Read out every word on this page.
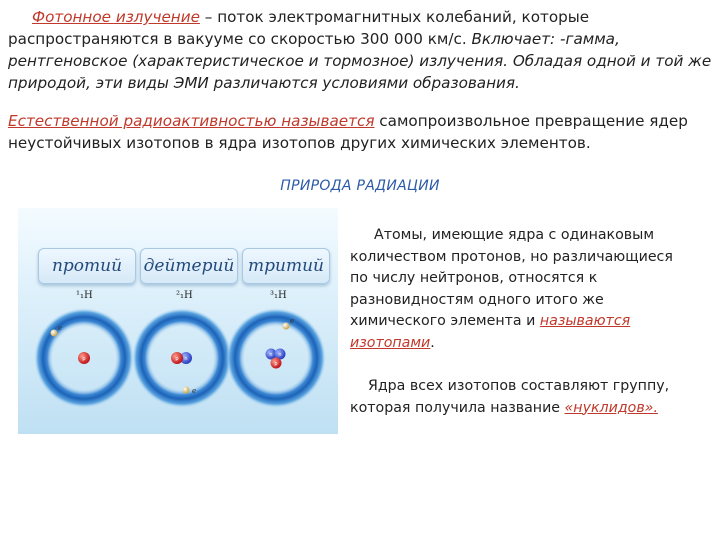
Фотонное излучение – поток электромагнитных колебаний, которые распространяются в вакууме со скоростью 300 000 км/с. Включает: -гамма, рентгеновское (характеристическое и тормозное) излучения. Обладая одной и той же природой, эти виды ЭМИ различаются условиями образования.
Естественной радиоактивностью называется самопроизвольное превращение ядер неустойчивых изотопов в ядра изотопов других химических элементов.
ПРИРОДА РАДИАЦИИ
протий	дейтерий тритий
¹₁H	²₁H	³₁H
e
e
e
p	p n
n n
p
Атомы, имеющие ядра с одинаковым количеством протонов, но различающиеся по числу нейтронов, относятся к разновидностям одного итого же химического элемента и называются изотопами.
Ядра всех изотопов составляют группу, которая получила название «нуклидов».
